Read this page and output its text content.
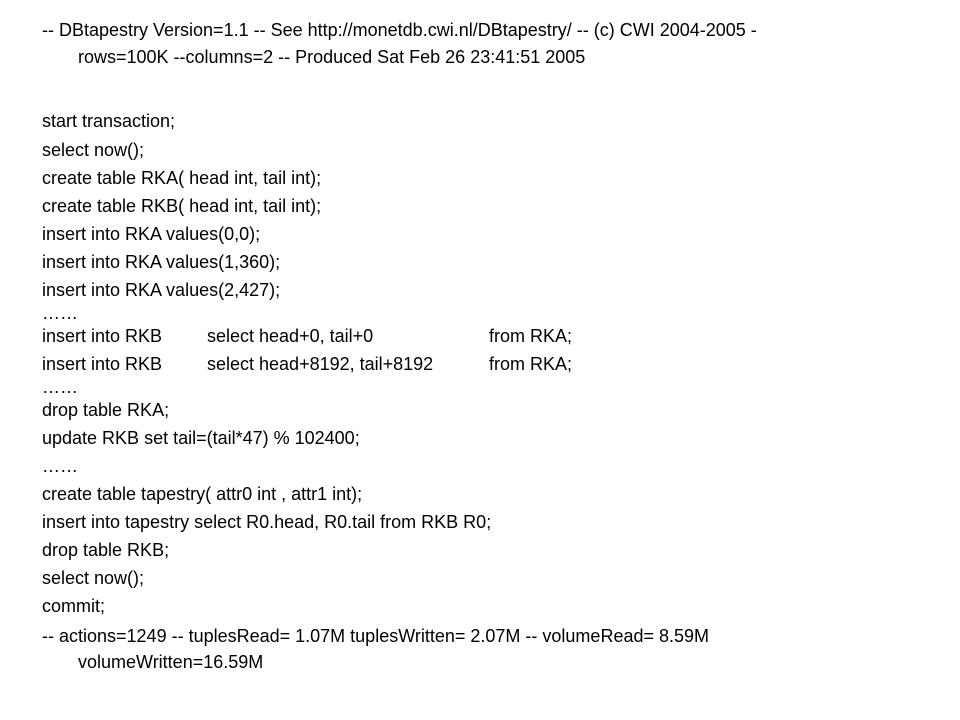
-- DBtapestry Version=1.1 -- See http://monetdb.cwi.nl/DBtapestry/ -- (c) CWI 2004-2005 -
rows=100K --columns=2 -- Produced Sat Feb 26 23:41:51 2005
start transaction;
select now();
create table RKA( head int, tail int);
create table RKB( head int, tail int);
insert into RKA values(0,0);
insert into RKA values(1,360);
insert into RKA values(2,427);
……
insert into RKB select head+0, tail+0	from RKA;
insert into RKB select head+8192, tail+8192	from RKA;
……
drop table RKA;
update RKB set tail=(tail*47) % 102400;
……
create table tapestry( attr0 int , attr1 int);
insert into tapestry select R0.head, R0.tail from RKB R0;
drop table RKB;
select now();
commit;
-- actions=1249 -- tuplesRead= 1.07M tuplesWritten= 2.07M -- volumeRead= 8.59M
volumeWritten=16.59M
